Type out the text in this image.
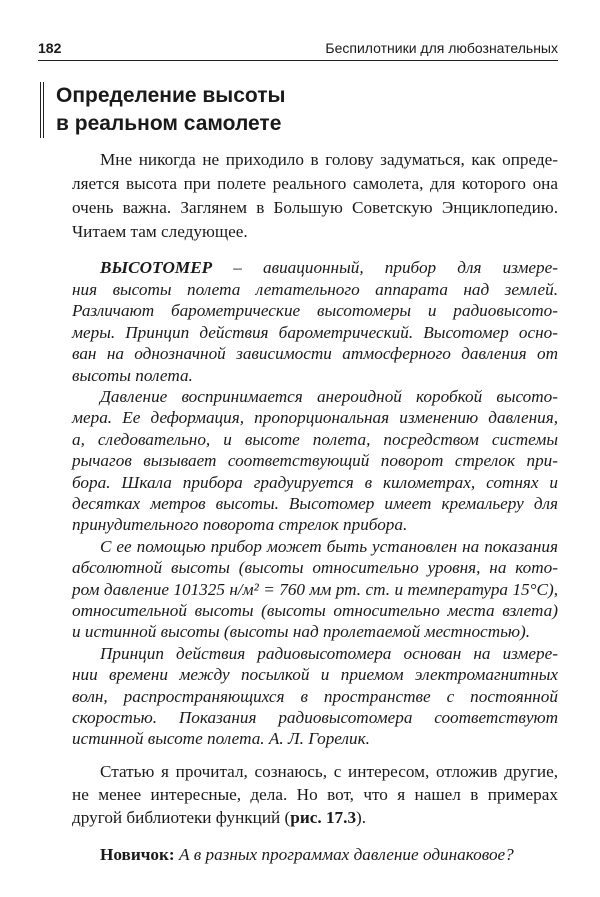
182	Беспилотники для любознательных
Определение высоты
в реальном самолете
Мне никогда не приходило в голову задуматься, как опреде-
ляется высота при полете реального самолета, для которого она
очень важна. Заглянем в Большую Советскую Энциклопедию.
Читаем там следующее.
ВЫСОТОМЕР – авиационный, прибор для измере-
ния высоты полета летательного аппарата над землей.
Различают барометрические высотомеры и радиовысото-
меры. Принцип действия барометрический. Высотомер осно-
ван на однозначной зависимости атмосферного давления от
высоты полета.
Давление воспринимается анероидной коробкой высото-
мера. Ее деформация, пропорциональная изменению давления,
а, следовательно, и высоте полета, посредством системы
рычагов вызывает соответствующий поворот стрелок при-
бора. Шкала прибора градуируется в километрах, сотнях и
десятках метров высоты. Высотомер имеет кремальеру для
принудительного поворота стрелок прибора.
С ее помощью прибор может быть установлен на показания
абсолютной высоты (высоты относительно уровня, на кото-
ром давление 101325 н/м² = 760 мм рт. ст. и температура 15°С),
относительной высоты (высоты относительно места взлета)
и истинной высоты (высоты над пролетаемой местностью).
Принцип действия радиовысотомера основан на измере-
нии времени между посылкой и приемом электромагнитных
волн, распространяющихся в пространстве с постоянной
скоростью. Показания радиовысотомера соответствуют
истинной высоте полета. А. Л. Горелик.
Статью я прочитал, сознаюсь, с интересом, отложив другие,
не менее интересные, дела. Но вот, что я нашел в примерах
другой библиотеки функций (рис. 17.3).
Новичок: А в разных программах давление одинаковое?
